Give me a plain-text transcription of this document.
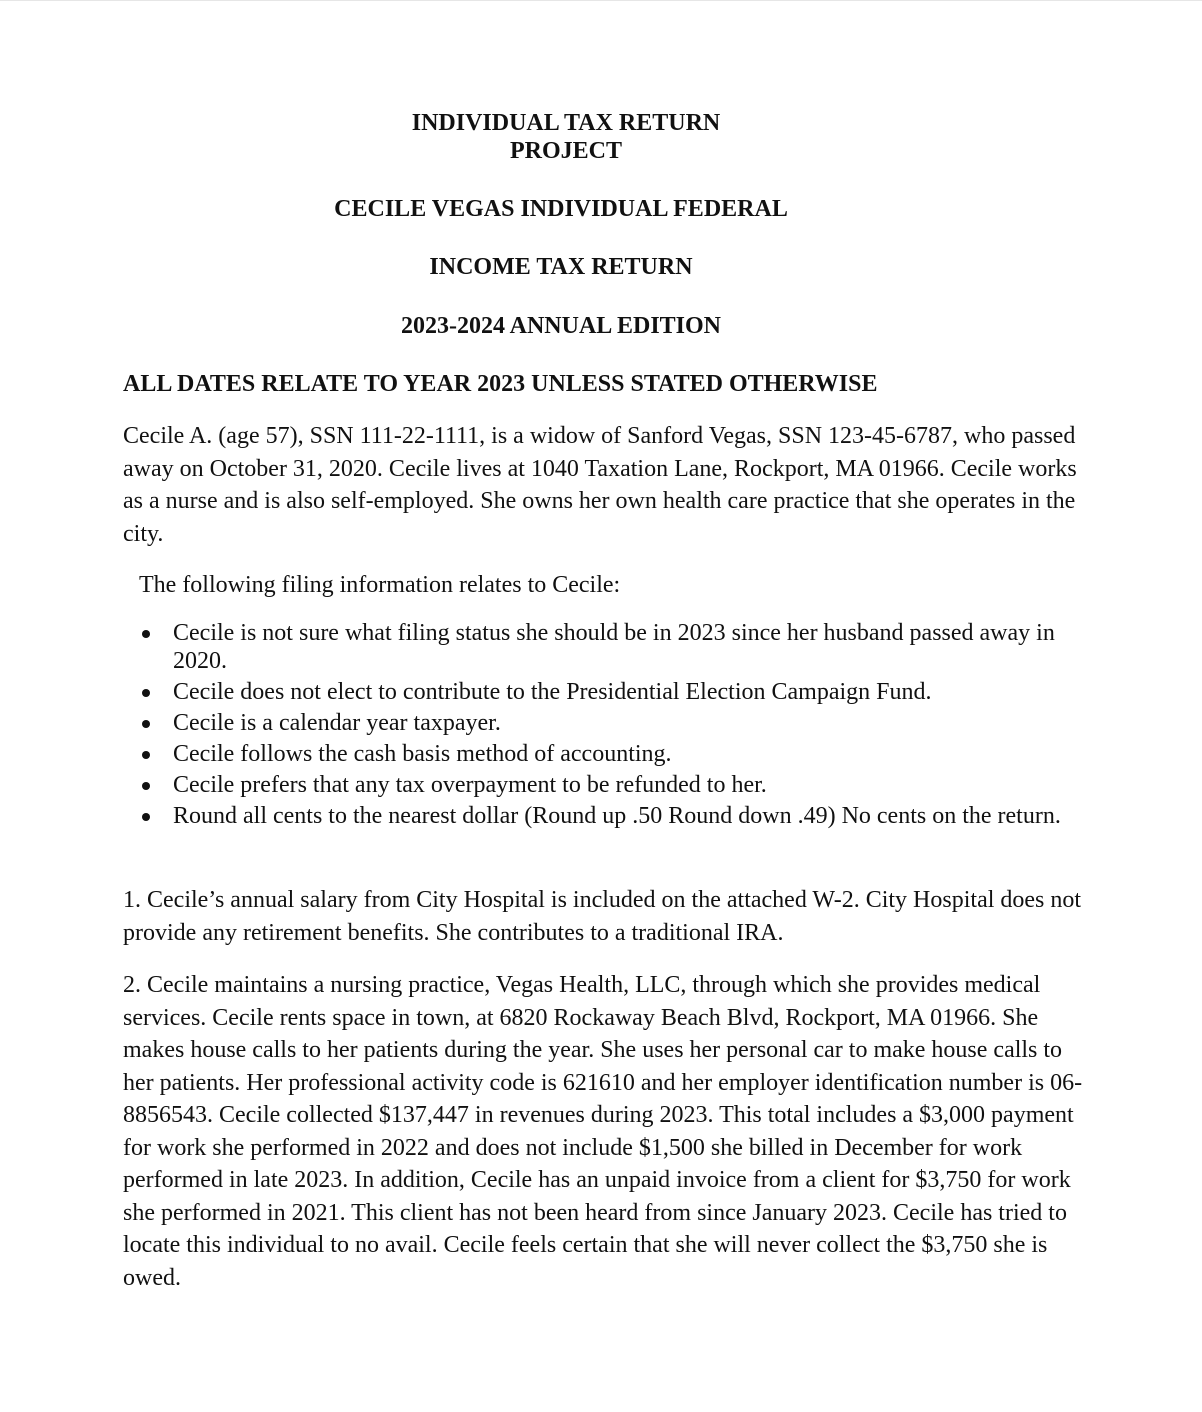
INDIVIDUAL TAX RETURN
PROJECT
CECILE VEGAS INDIVIDUAL FEDERAL
INCOME TAX RETURN
2023-2024 ANNUAL EDITION

ALL DATES RELATE TO YEAR 2023 UNLESS STATED OTHERWISE

Cecile A. (age 57), SSN 111-22-1111, is a widow of Sanford Vegas, SSN 123-45-6787, who passed away on October 31, 2020. Cecile lives at 1040 Taxation Lane, Rockport, MA 01966. Cecile works as a nurse and is also self-employed. She owns her own health care practice that she operates in the city.

The following filing information relates to Cecile:

Cecile is not sure what filing status she should be in 2023 since her husband passed away in 2020.
Cecile does not elect to contribute to the Presidential Election Campaign Fund.
Cecile is a calendar year taxpayer.
Cecile follows the cash basis method of accounting.
Cecile prefers that any tax overpayment to be refunded to her.
Round all cents to the nearest dollar (Round up .50 Round down .49) No cents on the return.

1. Cecile’s annual salary from City Hospital is included on the attached W-2. City Hospital does not provide any retirement benefits. She contributes to a traditional IRA.

2. Cecile maintains a nursing practice, Vegas Health, LLC, through which she provides medical services. Cecile rents space in town, at 6820 Rockaway Beach Blvd, Rockport, MA 01966. She makes house calls to her patients during the year. She uses her personal car to make house calls to her patients. Her professional activity code is 621610 and her employer identification number is 06-8856543. Cecile collected $137,447 in revenues during 2023. This total includes a $3,000 payment for work she performed in 2022 and does not include $1,500 she billed in December for work performed in late 2023. In addition, Cecile has an unpaid invoice from a client for $3,750 for work she performed in 2021. This client has not been heard from since January 2023. Cecile has tried to locate this individual to no avail. Cecile feels certain that she will never collect the $3,750 she is owed.
